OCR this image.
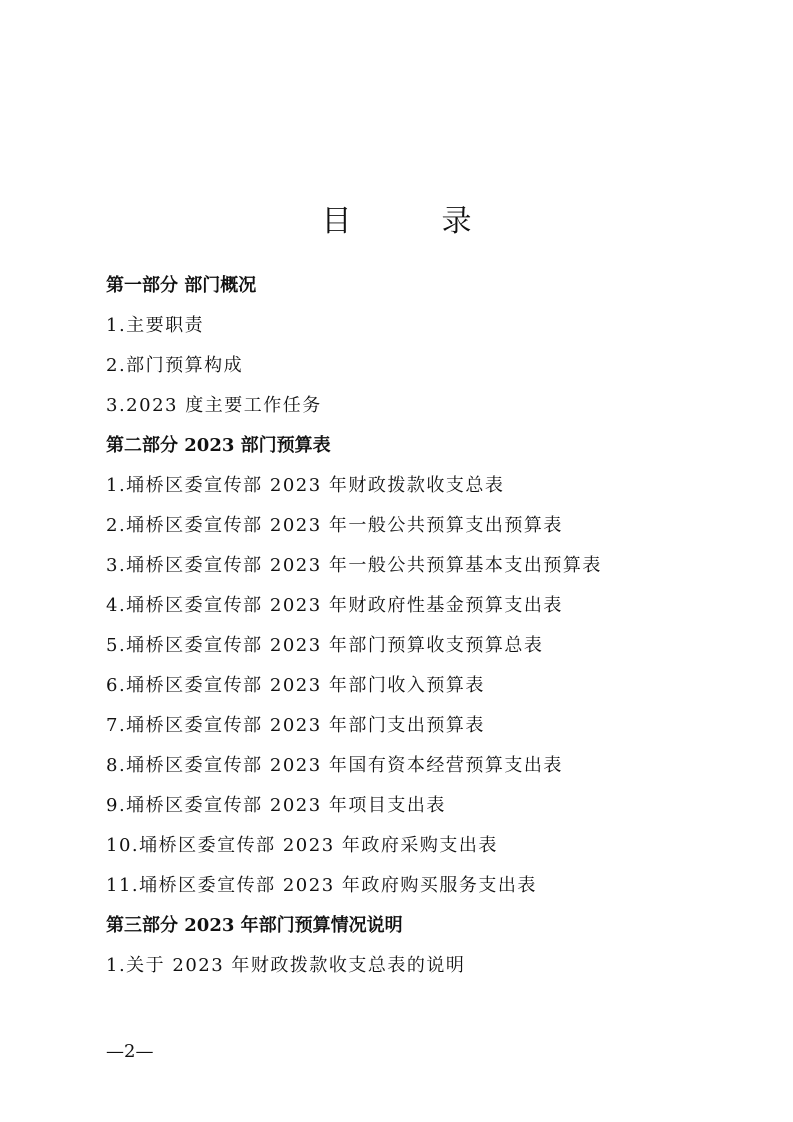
目　录
第一部分 部门概况
1.主要职责
2.部门预算构成
3.2023 度主要工作任务
第二部分 2023 部门预算表
1.埇桥区委宣传部 2023 年财政拨款收支总表
2.埇桥区委宣传部 2023 年一般公共预算支出预算表
3.埇桥区委宣传部 2023 年一般公共预算基本支出预算表
4.埇桥区委宣传部 2023 年财政府性基金预算支出表
5.埇桥区委宣传部 2023 年部门预算收支预算总表
6.埇桥区委宣传部 2023 年部门收入预算表
7.埇桥区委宣传部 2023 年部门支出预算表
8.埇桥区委宣传部 2023 年国有资本经营预算支出表
9.埇桥区委宣传部 2023 年项目支出表
10.埇桥区委宣传部 2023 年政府采购支出表
11.埇桥区委宣传部 2023 年政府购买服务支出表
第三部分 2023 年部门预算情况说明
1.关于 2023 年财政拨款收支总表的说明
—2—
